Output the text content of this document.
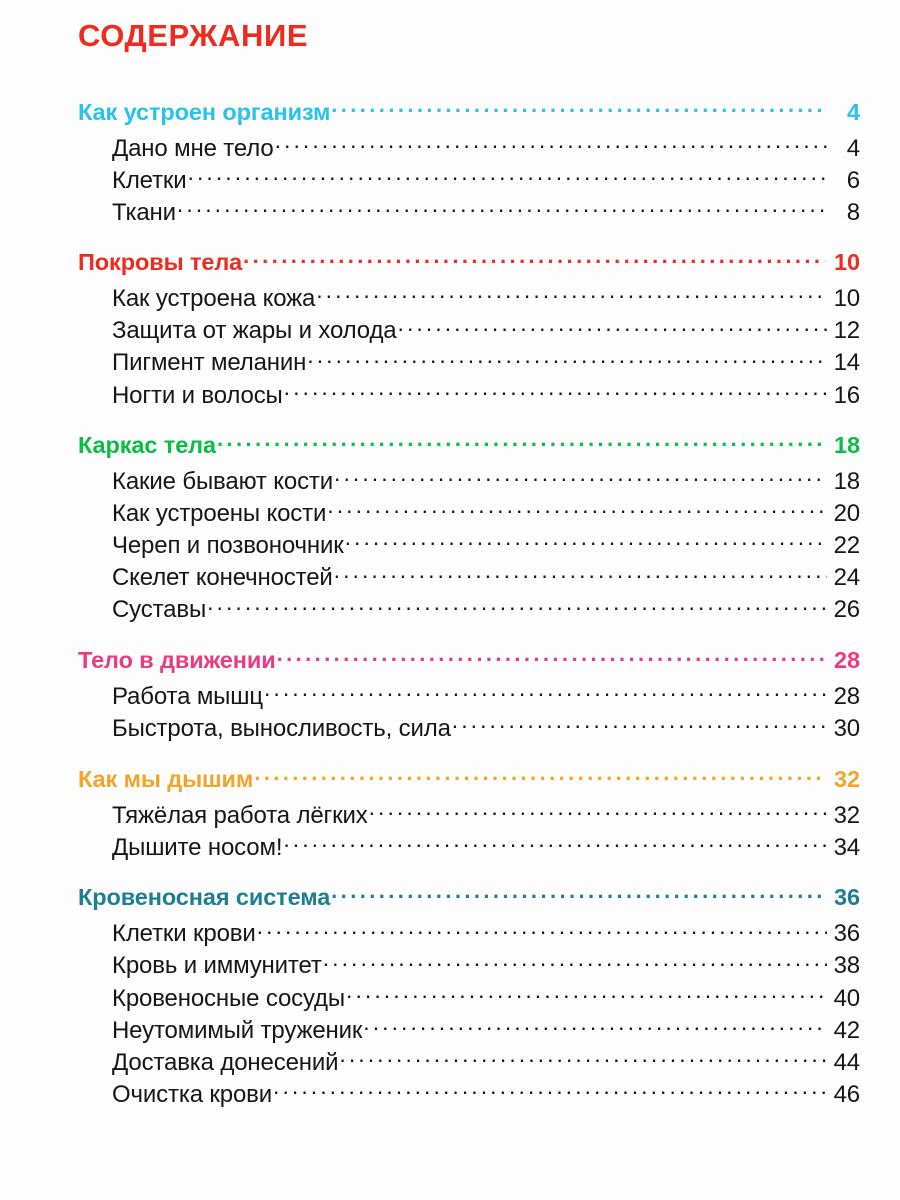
СОДЕРЖАНИЕ
Как устроен организм .....	4
Дано мне тело .....	4
Клетки .....	6
Ткани .....	8
Покровы тела .....	10
Как устроена кожа .....	10
Защита от жары и холода .....	12
Пигмент меланин .....	14
Ногти и волосы .....	16
Каркас тела .....	18
Какие бывают кости .....	18
Как устроены кости .....	20
Череп и позвоночник .....	22
Скелет конечностей .....	24
Суставы .....	26
Тело в движении .....	28
Работа мышц .....	28
Быстрота, выносливость, сила .....	30
Как мы дышим .....	32
Тяжёлая работа лёгких .....	32
Дышите носом! .....	34
Кровеносная система .....	36
Клетки крови .....	36
Кровь и иммунитет .....	38
Кровеносные сосуды .....	40
Неутомимый труженик .....	42
Доставка донесений .....	44
Очистка крови .....	46
